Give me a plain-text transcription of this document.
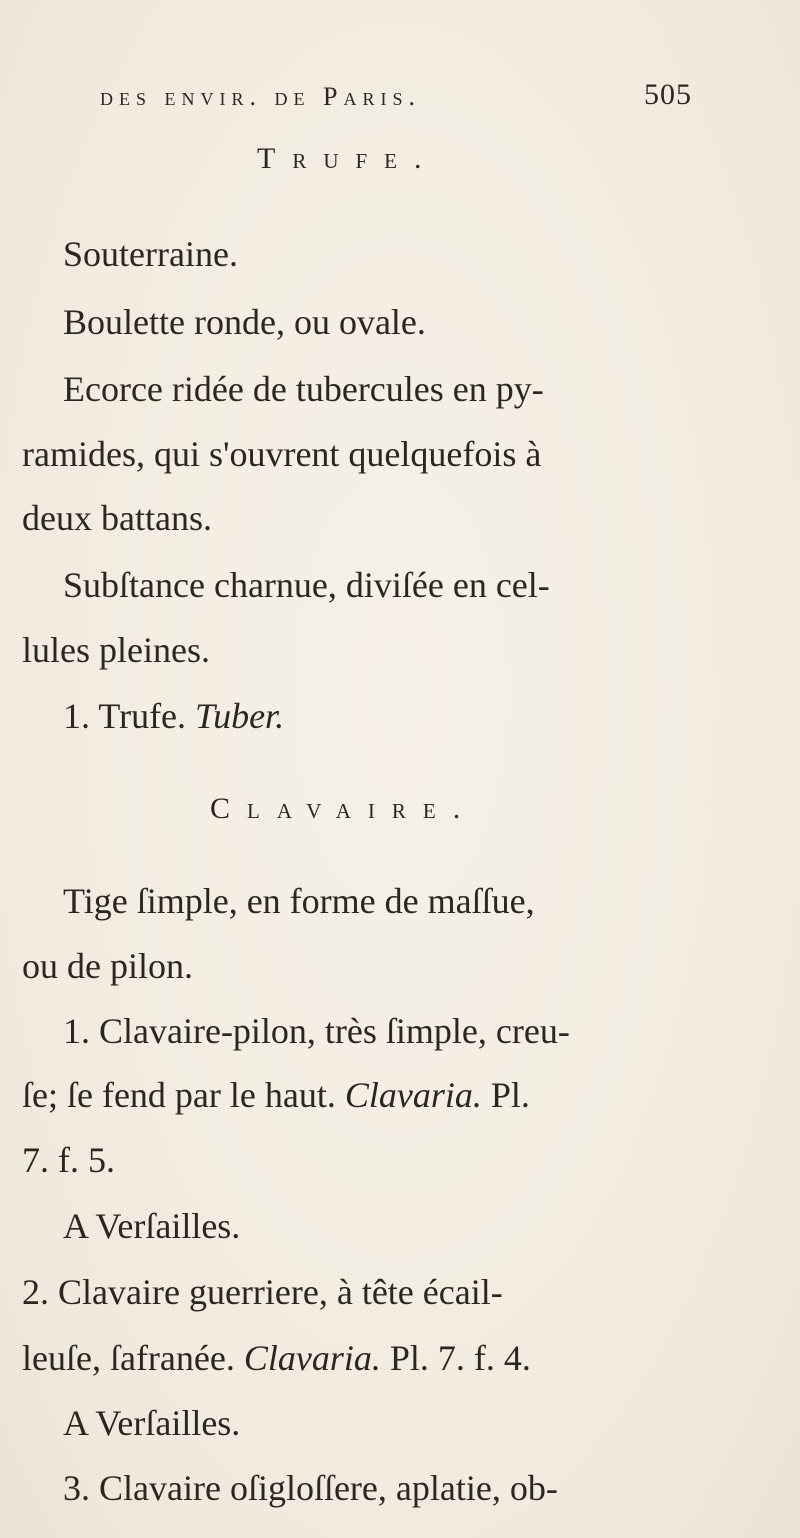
des envir. de Paris.	505
Trufe.
Souterraine.
Boulette ronde, ou ovale.
Ecorce ridée de tubercules en py-
ramides, qui s'ouvrent quelquefois à
deux battans.
Subſtance charnue, diviſée en cel-
lules pleines.
1. Trufe. Tuber.
Clavaire.
Tige ſimple, en forme de maſſue,
ou de pilon.
1. Clavaire-pilon, très ſimple, creu-
ſe; ſe fend par le haut. Clavaria. Pl.
7. f. 5.
A Verſailles.
2. Clavaire guerriere, à tête écail-
leuſe, ſafranée. Clavaria. Pl. 7. f. 4.
A Verſailles.
3. Clavaire oſigloſſere, aplatie, ob-
